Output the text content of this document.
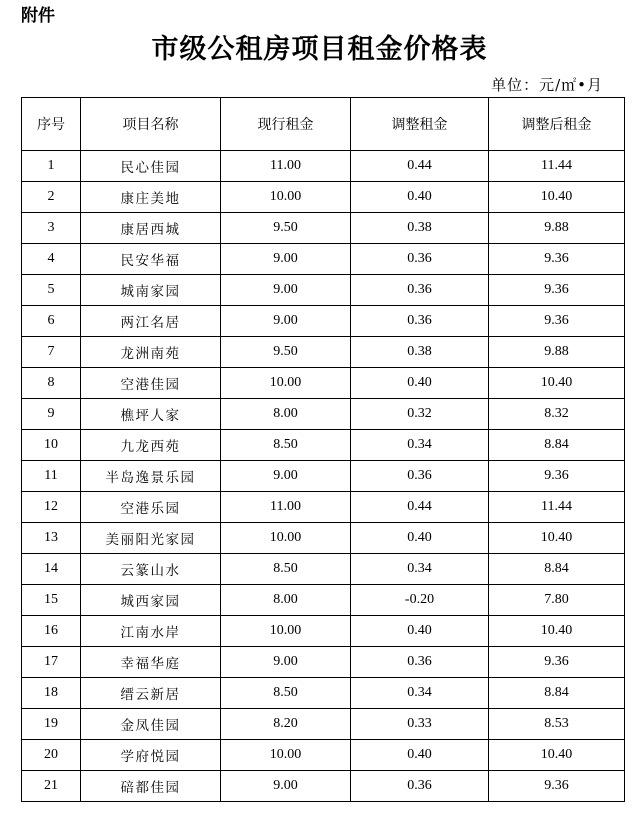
附件
市级公租房项目租金价格表
单位：元/㎡•月
序号	项目名称	现行租金	调整租金	调整后租金
1	民心佳园	11.00	0.44	11.44
2	康庄美地	10.00	0.40	10.40
3	康居西城	9.50	0.38	9.88
4	民安华福	9.00	0.36	9.36
5	城南家园	9.00	0.36	9.36
6	两江名居	9.00	0.36	9.36
7	龙洲南苑	9.50	0.38	9.88
8	空港佳园	10.00	0.40	10.40
9	樵坪人家	8.00	0.32	8.32
10	九龙西苑	8.50	0.34	8.84
11	半岛逸景乐园	9.00	0.36	9.36
12	空港乐园	11.00	0.44	11.44
13	美丽阳光家园	10.00	0.40	10.40
14	云篆山水	8.50	0.34	8.84
15	城西家园	8.00	-0.20	7.80
16	江南水岸	10.00	0.40	10.40
17	幸福华庭	9.00	0.36	9.36
18	缙云新居	8.50	0.34	8.84
19	金凤佳园	8.20	0.33	8.53
20	学府悦园	10.00	0.40	10.40
21	碚都佳园	9.00	0.36	9.36
